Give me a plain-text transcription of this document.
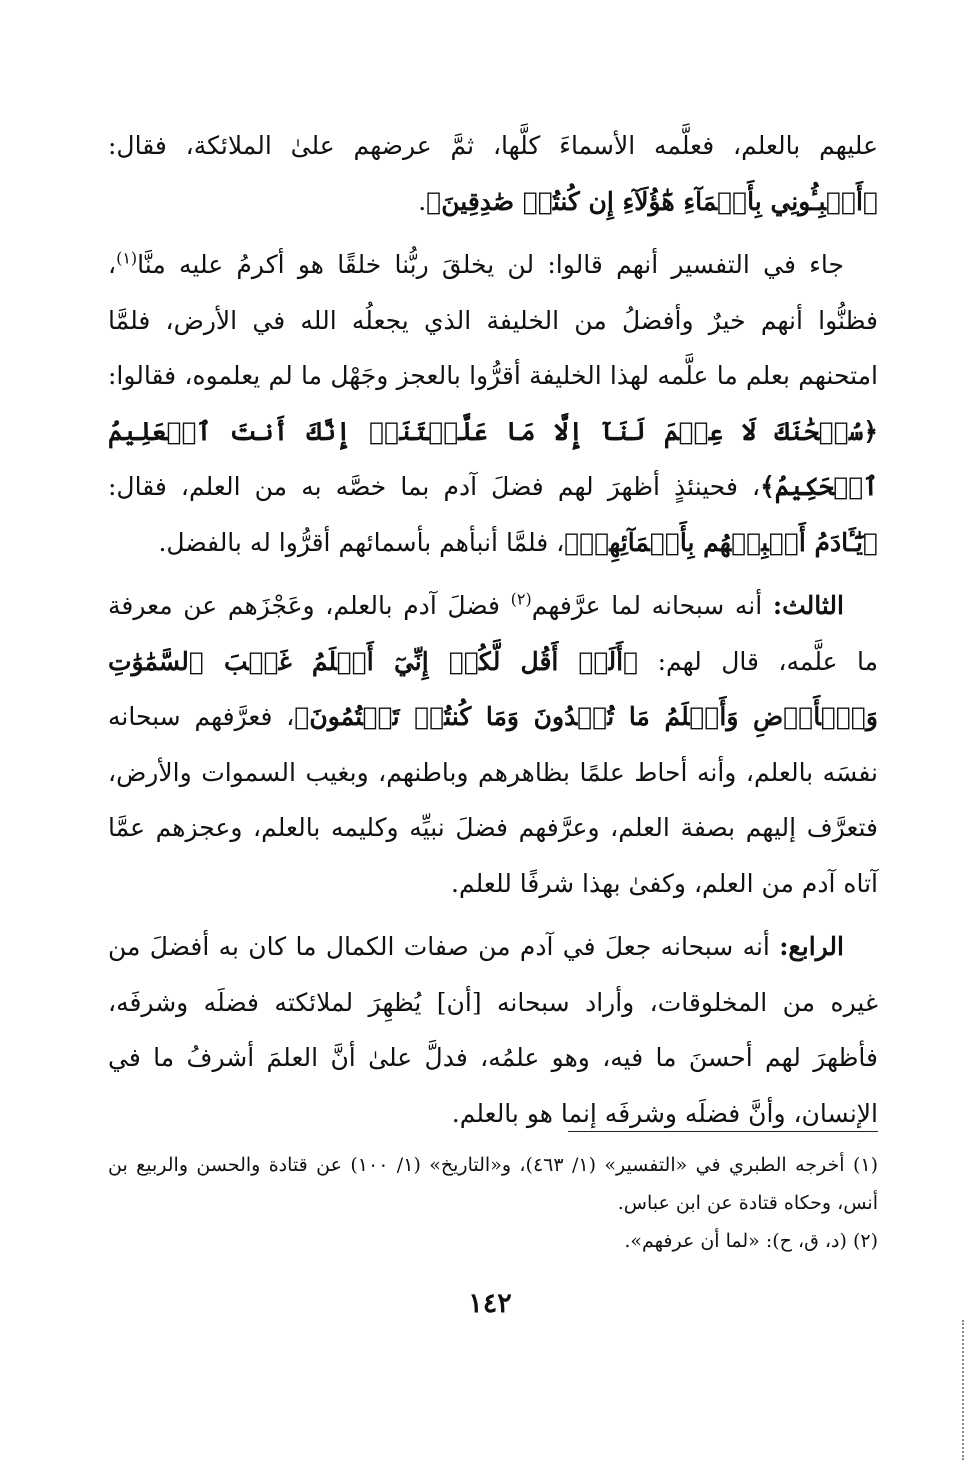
عليهم بالعلم، فعلَّمه الأسماءَ كلَّها، ثمَّ عرضهم علىٰ الملائكة، فقال: ﴿أَنۢبِـُٔونِي بِأَسۡمَآءِ هَٰٓؤُلَآءِ إِن كُنتُمۡ صَٰدِقِينَ﴾.

جاء في التفسير أنهم قالوا: لن يخلقَ ربُّنا خلقًا هو أكرمُ عليه منَّا$^{(١)}$، فظنُّوا أنهم خيرٌ وأفضلُ من الخليفة الذي يجعلُه الله في الأرض، فلمَّا امتحنهم بعلم ما علَّمه لهذا الخليفة أقرُّوا بالعجز وجَهْل ما لم يعلموه، فقالوا: ﴿سُبۡحَٰنَكَ لَا عِلۡمَ لَنَآ إِلَّا مَا عَلَّمۡتَنَآۖ إِنَّكَ أَنتَ ٱلۡعَلِيمُ ٱلۡحَكِيمُ﴾، فحينئذٍ أظهرَ لهم فضلَ آدم بما خصَّه به من العلم، فقال: ﴿يَٰٓـَٔادَمُ أَنۢبِئۡهُم بِأَسۡمَآئِهِمۡ﴾، فلمَّا أنبأهم بأسمائهم أقرُّوا له بالفضل.

الثالث: أنه سبحانه لما عرَّفهم$^{(٢)}$ فضلَ آدم بالعلم، وعَجْزَهم عن معرفة ما علَّمه، قال لهم: ﴿أَلَمۡ أَقُل لَّكُمۡ إِنِّيٓ أَعۡلَمُ غَيۡبَ ٱلسَّمَٰوَٰتِ وَٱلۡأَرۡضِ وَأَعۡلَمُ مَا تُبۡدُونَ وَمَا كُنتُمۡ تَكۡتُمُونَ﴾، فعرَّفهم سبحانه نفسَه بالعلم، وأنه أحاط علمًا بظاهرهم وباطنهم، وبغيب السموات والأرض، فتعرَّف إليهم بصفة العلم، وعرَّفهم فضلَ نبيِّه وكليمه بالعلم، وعجزهم عمَّا آتاه آدم من العلم، وكفىٰ بهذا شرفًا للعلم.

الرابع: أنه سبحانه جعلَ في آدم من صفات الكمال ما كان به أفضلَ من غيره من المخلوقات، وأراد سبحانه [أن] يُظهِرَ لملائكته فضلَه وشرفَه، فأظهرَ لهم أحسنَ ما فيه، وهو علمُه، فدلَّ علىٰ أنَّ العلمَ أشرفُ ما في الإنسان، وأنَّ فضلَه وشرفَه إنما هو بالعلم.

(١) أخرجه الطبري في «التفسير» (١/ ٤٦٣)، و«التاريخ» (١/ ١٠٠) عن قتادة والحسن والربيع بن أنس، وحكاه قتادة عن ابن عباس.

(٢) (د، ق، ح): «لما أن عرفهم».

١٤٢
